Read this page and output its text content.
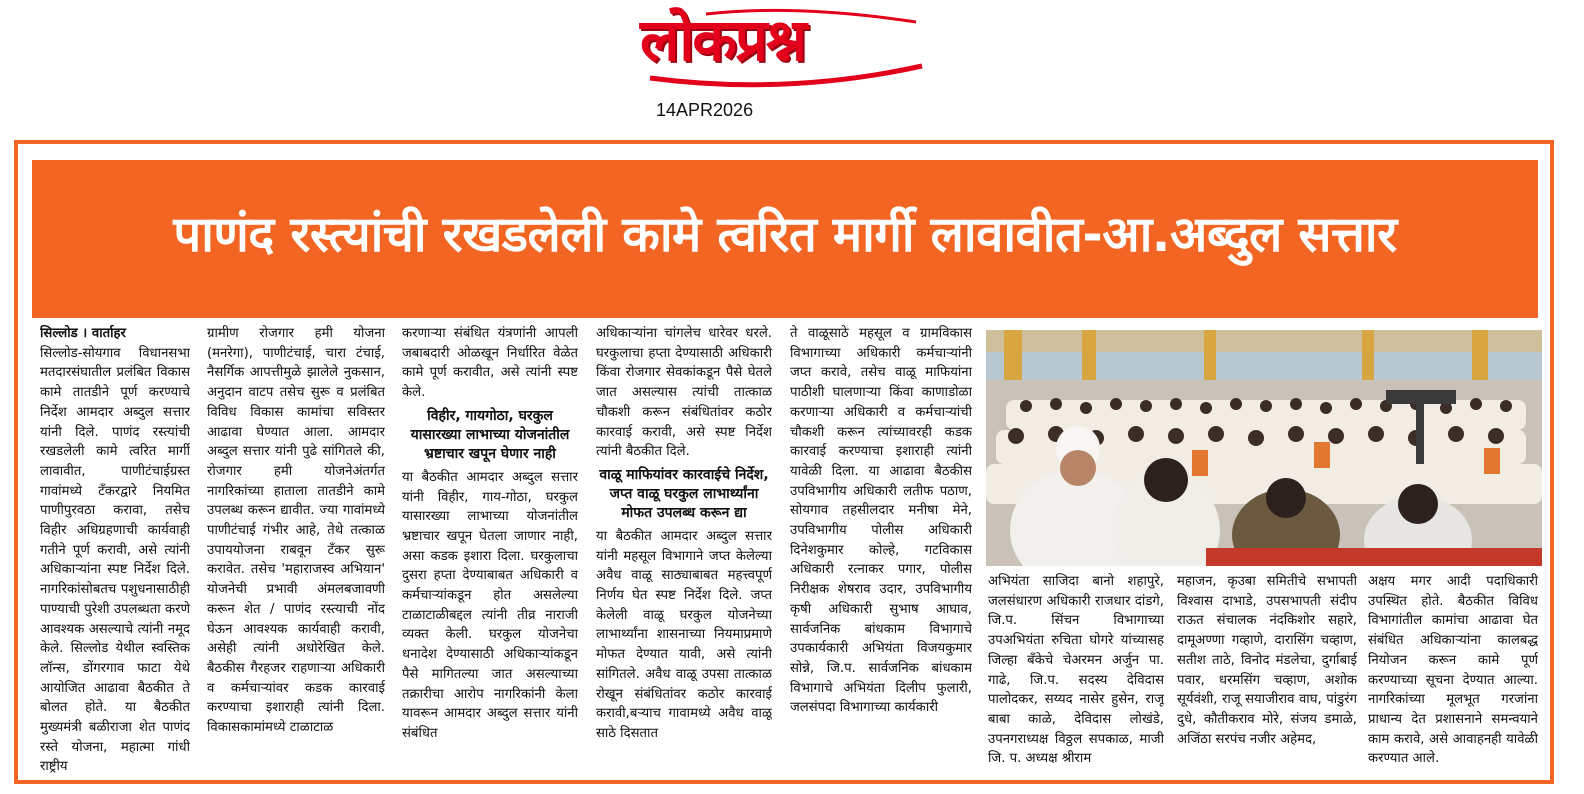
लोकप्रश्न
14APR2026
पाणंद रस्त्यांची रखडलेली कामे त्वरित मार्गी लावावीत-आ.अब्दुल सत्तार

सिल्लोड । वार्ताहर

सिल्लोड-सोयगाव विधानसभा मतदारसंघातील प्रलंबित विकास कामे तातडीने पूर्ण करण्याचे निर्देश आमदार अब्दुल सत्तार यांनी दिले. पाणंद रस्त्यांची रखडलेली कामे त्वरित मार्गी लावावीत, पाणीटंचाईग्रस्त गावांमध्ये टँकरद्वारे नियमित पाणीपुरवठा करावा, तसेच विहीर अधिग्रहणाची कार्यवाही गतीने पूर्ण करावी, असे त्यांनी अधिकाऱ्यांना स्पष्ट निर्देश दिले. नागरिकांसोबतच पशुधनासाठीही पाण्याची पुरेशी उपलब्धता करणे आवश्यक असल्याचे त्यांनी नमूद केले. सिल्लोड येथील स्वस्तिक लॉन्स, डोंगरगाव फाटा येथे आयोजित आढावा बैठकीत ते बोलत होते. या बैठकीत मुख्यमंत्री बळीराजा शेत पाणंद रस्ते योजना, महात्मा गांधी राष्ट्रीय

ग्रामीण रोजगार हमी योजना (मनरेगा), पाणीटंचाई, चारा टंचाई, नैसर्गिक आपत्तीमुळे झालेले नुकसान, अनुदान वाटप तसेच सुरू व प्रलंबित विविध विकास कामांचा सविस्तर आढावा घेण्यात आला. आमदार अब्दुल सत्तार यांनी पुढे सांगितले की, रोजगार हमी योजनेअंतर्गत नागरिकांच्या हाताला तातडीने कामे उपलब्ध करून द्यावीत. ज्या गावांमध्ये पाणीटंचाई गंभीर आहे, तेथे तत्काळ उपाययोजना राबवून टँकर सुरू करावेत. तसेच 'महाराजस्व अभियान' योजनेची प्रभावी अंमलबजावणी करून शेत / पाणंद रस्त्याची नोंद घेऊन आवश्यक कार्यवाही करावी, असेही त्यांनी अधोरेखित केले. बैठकीस गैरहजर राहणाऱ्या अधिकारी व कर्मचाऱ्यांवर कडक कारवाई करण्याचा इशाराही त्यांनी दिला. विकासकामांमध्ये टाळाटाळ

करणाऱ्या संबंधित यंत्रणांनी आपली जबाबदारी ओळखून निर्धारित वेळेत कामे पूर्ण करावीत, असे त्यांनी स्पष्ट केले.

विहीर, गायगोठा, घरकुल यासारख्या लाभाच्या योजनांतील भ्रष्टाचार खपून घेणार नाही

या बैठकीत आमदार अब्दुल सत्तार यांनी विहीर, गाय-गोठा, घरकुल यासारख्या लाभाच्या योजनांतील भ्रष्टाचार खपून घेतला जाणार नाही, असा कडक इशारा दिला. घरकुलाचा दुसरा हप्ता देण्याबाबत अधिकारी व कर्मचाऱ्यांकडून होत असलेल्या टाळाटाळीबद्दल त्यांनी तीव्र नाराजी व्यक्त केली. घरकुल योजनेचा धनादेश देण्यासाठी अधिकाऱ्यांकडून पैसे मागितल्या जात असल्याच्या तक्रारीचा आरोप नागरिकांनी केला यावरून आमदार अब्दुल सत्तार यांनी संबंधित

अधिकाऱ्यांना चांगलेच धारेवर धरले. घरकुलाचा हप्ता देण्यासाठी अधिकारी किंवा रोजगार सेवकांकडून पैसे घेतले जात असल्यास त्यांची तात्काळ चौकशी करून संबंधितांवर कठोर कारवाई करावी, असे स्पष्ट निर्देश त्यांनी बैठकीत दिले.

वाळू माफियांवर कारवाईचे निर्देश, जप्त वाळू घरकुल लाभार्थ्यांना मोफत उपलब्ध करून द्या

या बैठकीत आमदार अब्दुल सत्तार यांनी महसूल विभागाने जप्त केलेल्या अवैध वाळू साठ्याबाबत महत्त्वपूर्ण निर्णय घेत स्पष्ट निर्देश दिले. जप्त केलेली वाळू घरकुल योजनेच्या लाभार्थ्यांना शासनाच्या नियमाप्रमाणे मोफत देण्यात यावी, असे त्यांनी सांगितले. अवैध वाळू उपसा तात्काळ रोखून संबंधितांवर कठोर कारवाई करावी,बऱ्याच गावामध्ये अवैध वाळू साठे दिसतात

ते वाळूसाठे महसूल व ग्रामविकास विभागाच्या अधिकारी कर्मचाऱ्यांनी जप्त करावे, तसेच वाळू माफियांना पाठीशी घालणाऱ्या किंवा काणाडोळा करणाऱ्या अधिकारी व कर्मचाऱ्यांची चौकशी करून त्यांच्यावरही कडक कारवाई करण्याचा इशाराही त्यांनी यावेळी दिला. या आढावा बैठकीस उपविभागीय अधिकारी लतीफ पठाण, सोयगाव तहसीलदार मनीषा मेने, उपविभागीय पोलीस अधिकारी दिनेशकुमार कोल्हे, गटविकास अधिकारी रत्नाकर पगार, पोलीस निरीक्षक शेषराव उदार, उपविभागीय कृषी अधिकारी सुभाष आघाव, सार्वजनिक बांधकाम विभागाचे उपकार्यकारी अभियंता विजयकुमार सोन्ने, जि.प. सार्वजनिक बांधकाम विभागाचे अभियंता दिलीप फुलारी, जलसंपदा विभागाच्या कार्यकारी

अभियंता साजिदा बानो शहापुरे, जलसंधारण अधिकारी राजधार दांडगे, जि.प. सिंचन विभागाच्या उपअभियंता रुचिता घोगरे यांच्यासह जिल्हा बँकेचे चेअरमन अर्जुन पा. गाढे, जि.प. सदस्य देविदास पालोदकर, सय्यद नासेर हुसेन, राजू बाबा काळे, देविदास लोखंडे, उपनगराध्यक्ष विठ्ठल सपकाळ, माजी जि. प. अध्यक्ष श्रीराम

महाजन, कृउबा समितीचे सभापती विश्वास दाभाडे, उपसभापती संदीप राऊत संचालक नंदकिशोर सहारे, दामूअण्णा गव्हाणे, दारासिंग चव्हाण, सतीश ताठे, विनोद मंडलेचा, दुर्गाबाई पवार, धरमसिंग चव्हाण, अशोक सूर्यवंशी, राजू सयाजीराव वाघ, पांडुरंग दुधे, कौतीकराव मोरे, संजय डमाळे, अजिंठा सरपंच नजीर अहेमद,

अक्षय मगर आदी पदाधिकारी उपस्थित होते. बैठकीत विविध विभागांतील कामांचा आढावा घेत संबंधित अधिकाऱ्यांना कालबद्ध नियोजन करून कामे पूर्ण करण्याच्या सूचना देण्यात आल्या. नागरिकांच्या मूलभूत गरजांना प्राधान्य देत प्रशासनाने समन्वयाने काम करावे, असे आवाहनही यावेळी करण्यात आले.
